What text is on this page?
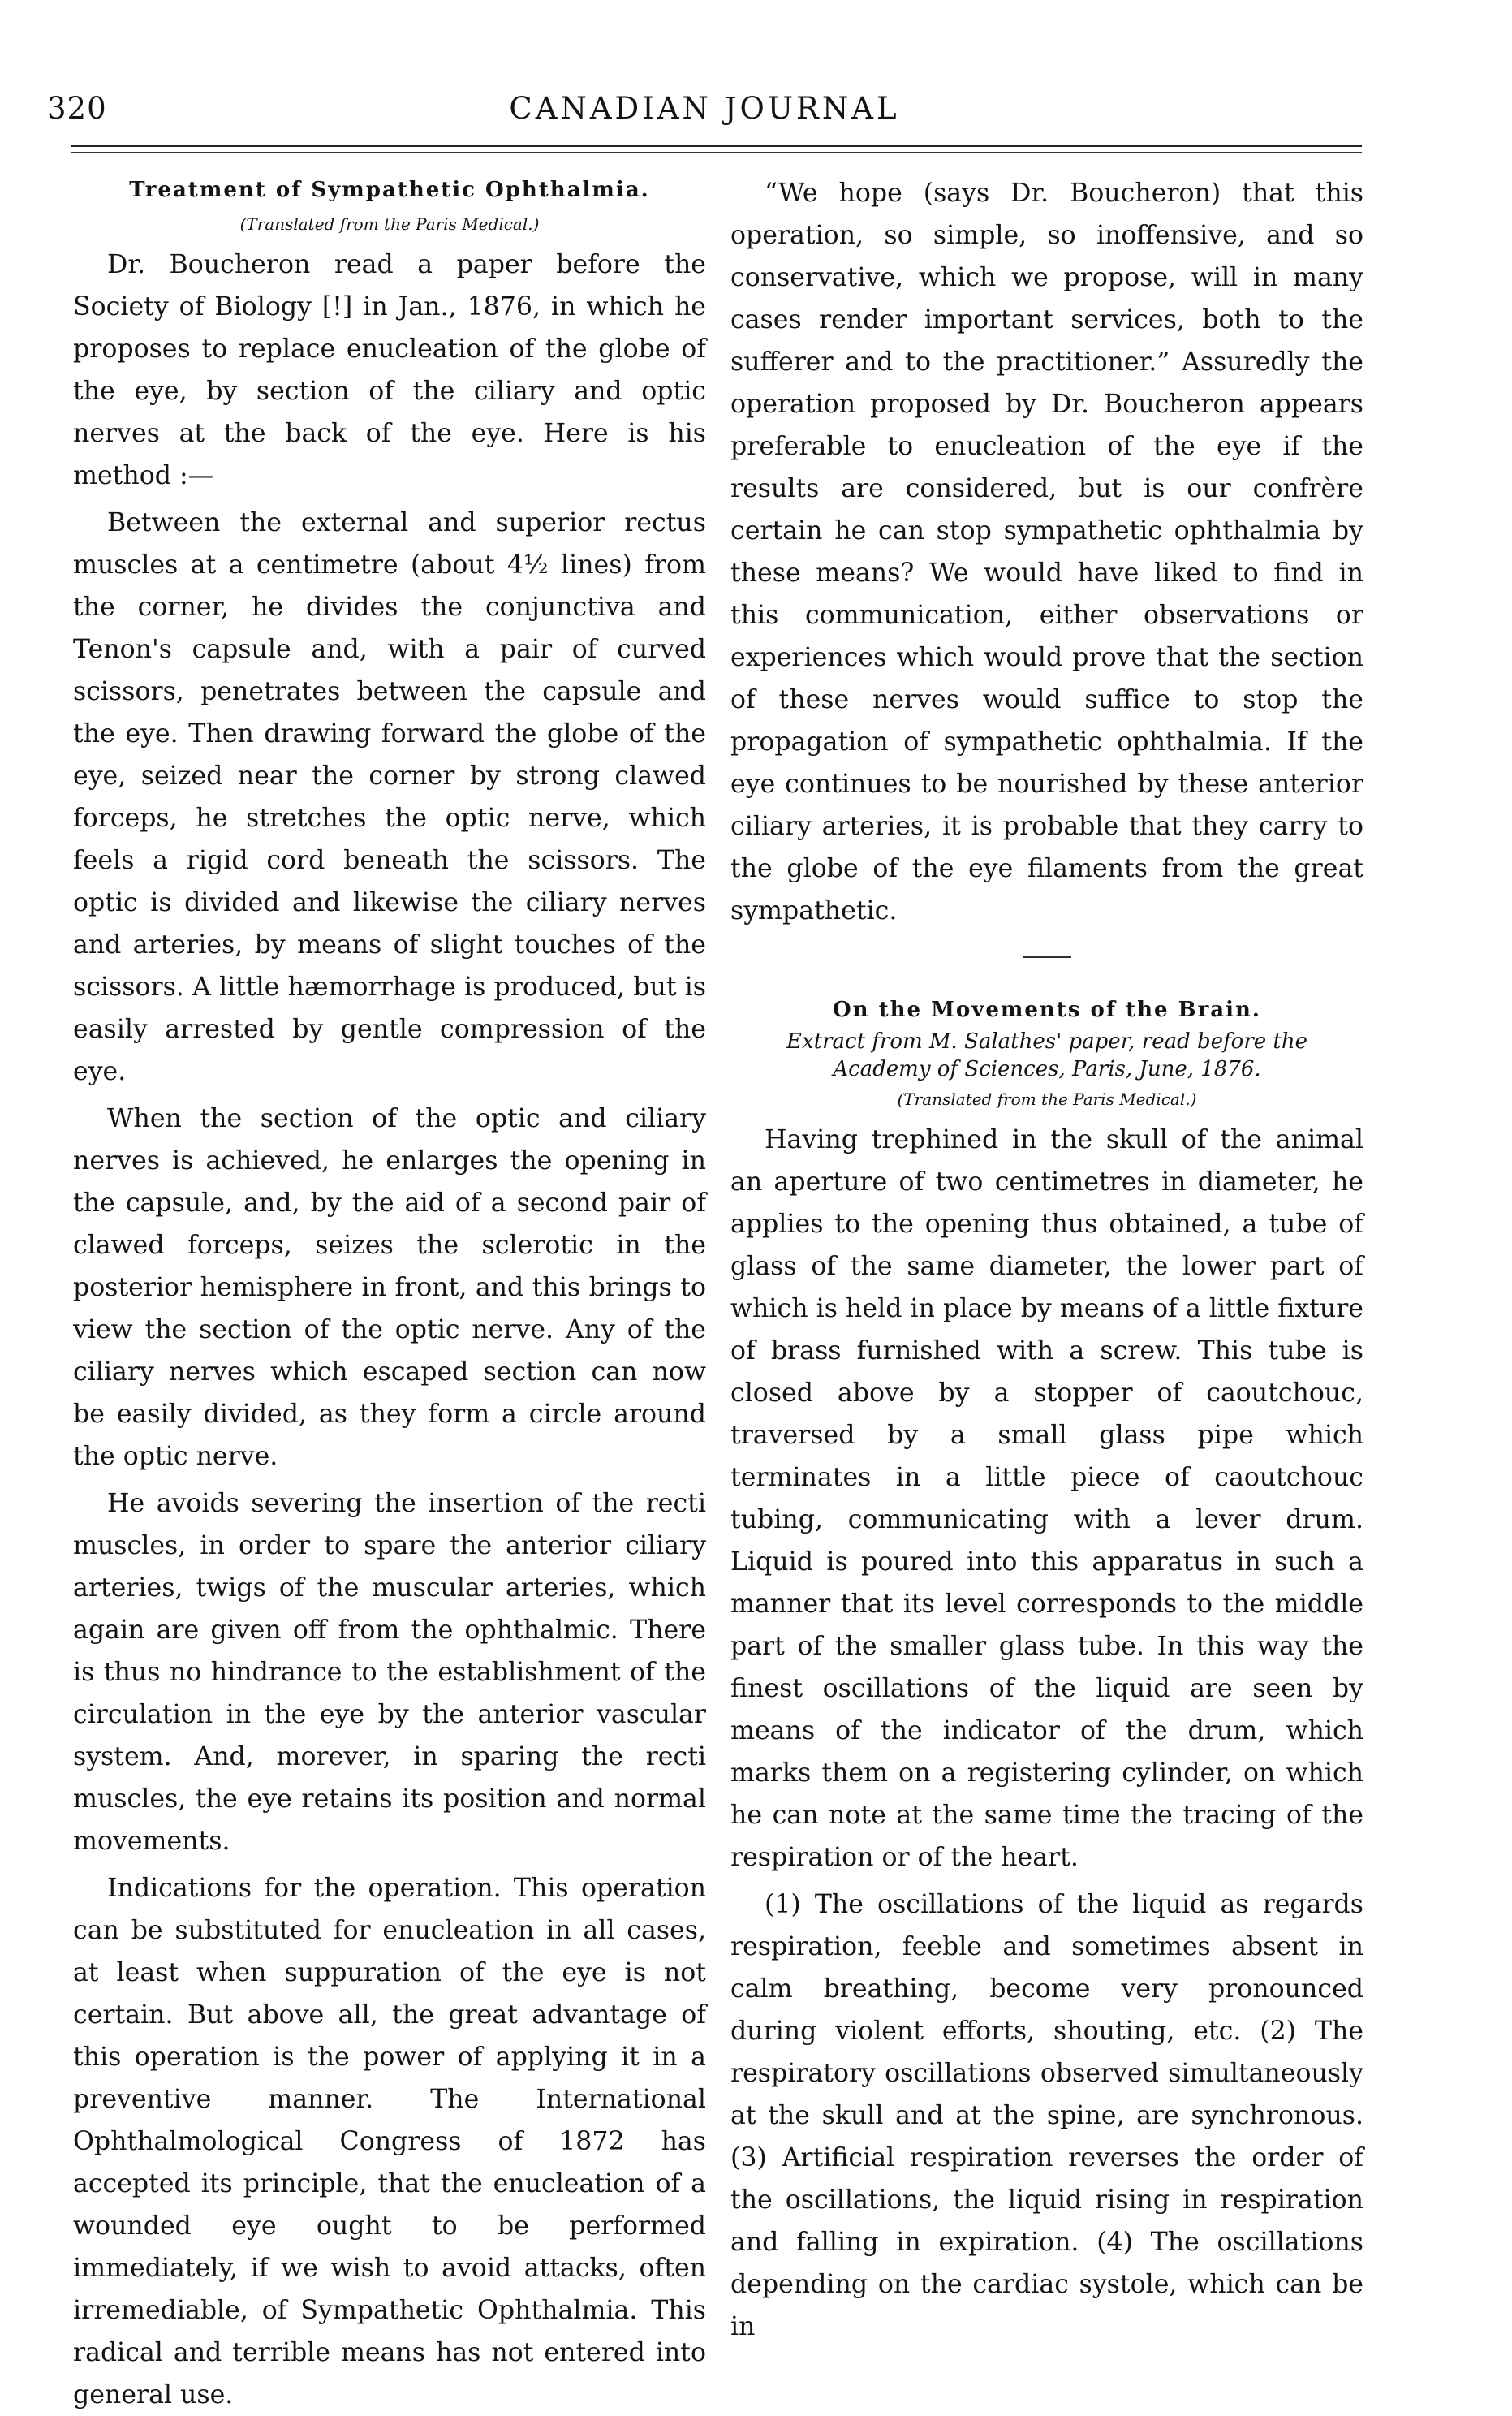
320	CANADIAN JOURNAL
Treatment of Sympathetic Ophthalmia.
(Translated from the Paris Medical.)

Dr. Boucheron read a paper before the Society of Biology [!] in Jan., 1876, in which he proposes to replace enucleation of the globe of the eye, by section of the ciliary and optic nerves at the back of the eye. Here is his method :—

Between the external and superior rectus muscles at a centimetre (about 4½ lines) from the corner, he divides the conjunctiva and Tenon's capsule and, with a pair of curved scissors, penetrates between the capsule and the eye. Then drawing forward the globe of the eye, seized near the corner by strong clawed forceps, he stretches the optic nerve, which feels a rigid cord beneath the scissors. The optic is divided and likewise the ciliary nerves and arteries, by means of slight touches of the scissors. A little hæmorrhage is produced, but is easily arrested by gentle compression of the eye.

When the section of the optic and ciliary nerves is achieved, he enlarges the opening in the capsule, and, by the aid of a second pair of clawed forceps, seizes the sclerotic in the posterior hemisphere in front, and this brings to view the section of the optic nerve. Any of the ciliary nerves which escaped section can now be easily divided, as they form a circle around the optic nerve.

He avoids severing the insertion of the recti muscles, in order to spare the anterior ciliary arteries, twigs of the muscular arteries, which again are given off from the ophthalmic. There is thus no hindrance to the establishment of the circulation in the eye by the anterior vascular system. And, morever, in sparing the recti muscles, the eye retains its position and normal movements.

Indications for the operation. This operation can be substituted for enucleation in all cases, at least when suppuration of the eye is not certain. But above all, the great advantage of this operation is the power of applying it in a preventive manner. The International Ophthalmological Congress of 1872 has accepted its principle, that the enucleation of a wounded eye ought to be performed immediately, if we wish to avoid attacks, often irremediable, of Sympathetic Ophthalmia. This radical and terrible means has not entered into general use.

“We hope (says Dr. Boucheron) that this operation, so simple, so inoffensive, and so conservative, which we propose, will in many cases render important services, both to the sufferer and to the practitioner.” Assuredly the operation proposed by Dr. Boucheron appears preferable to enucleation of the eye if the results are considered, but is our confrère certain he can stop sympathetic ophthalmia by these means? We would have liked to find in this communication, either observations or experiences which would prove that the section of these nerves would suffice to stop the propagation of sympathetic ophthalmia. If the eye continues to be nourished by these anterior ciliary arteries, it is probable that they carry to the globe of the eye filaments from the great sympathetic.

On the Movements of the Brain.
Extract from M. Salathes' paper, read before the
Academy of Sciences, Paris, June, 1876.
(Translated from the Paris Medical.)

Having trephined in the skull of the animal an aperture of two centimetres in diameter, he applies to the opening thus obtained, a tube of glass of the same diameter, the lower part of which is held in place by means of a little fixture of brass furnished with a screw. This tube is closed above by a stopper of caoutchouc, traversed by a small glass pipe which terminates in a little piece of caoutchouc tubing, communicating with a lever drum. Liquid is poured into this apparatus in such a manner that its level corresponds to the middle part of the smaller glass tube. In this way the finest oscillations of the liquid are seen by means of the indicator of the drum, which marks them on a registering cylinder, on which he can note at the same time the tracing of the respiration or of the heart.

(1) The oscillations of the liquid as regards respiration, feeble and sometimes absent in calm breathing, become very pronounced during violent efforts, shouting, etc. (2) The respiratory oscillations observed simultaneously at the skull and at the spine, are synchronous. (3) Artificial respiration reverses the order of the oscillations, the liquid rising in respiration and falling in expiration. (4) The oscillations depending on the cardiac systole, which can be in
